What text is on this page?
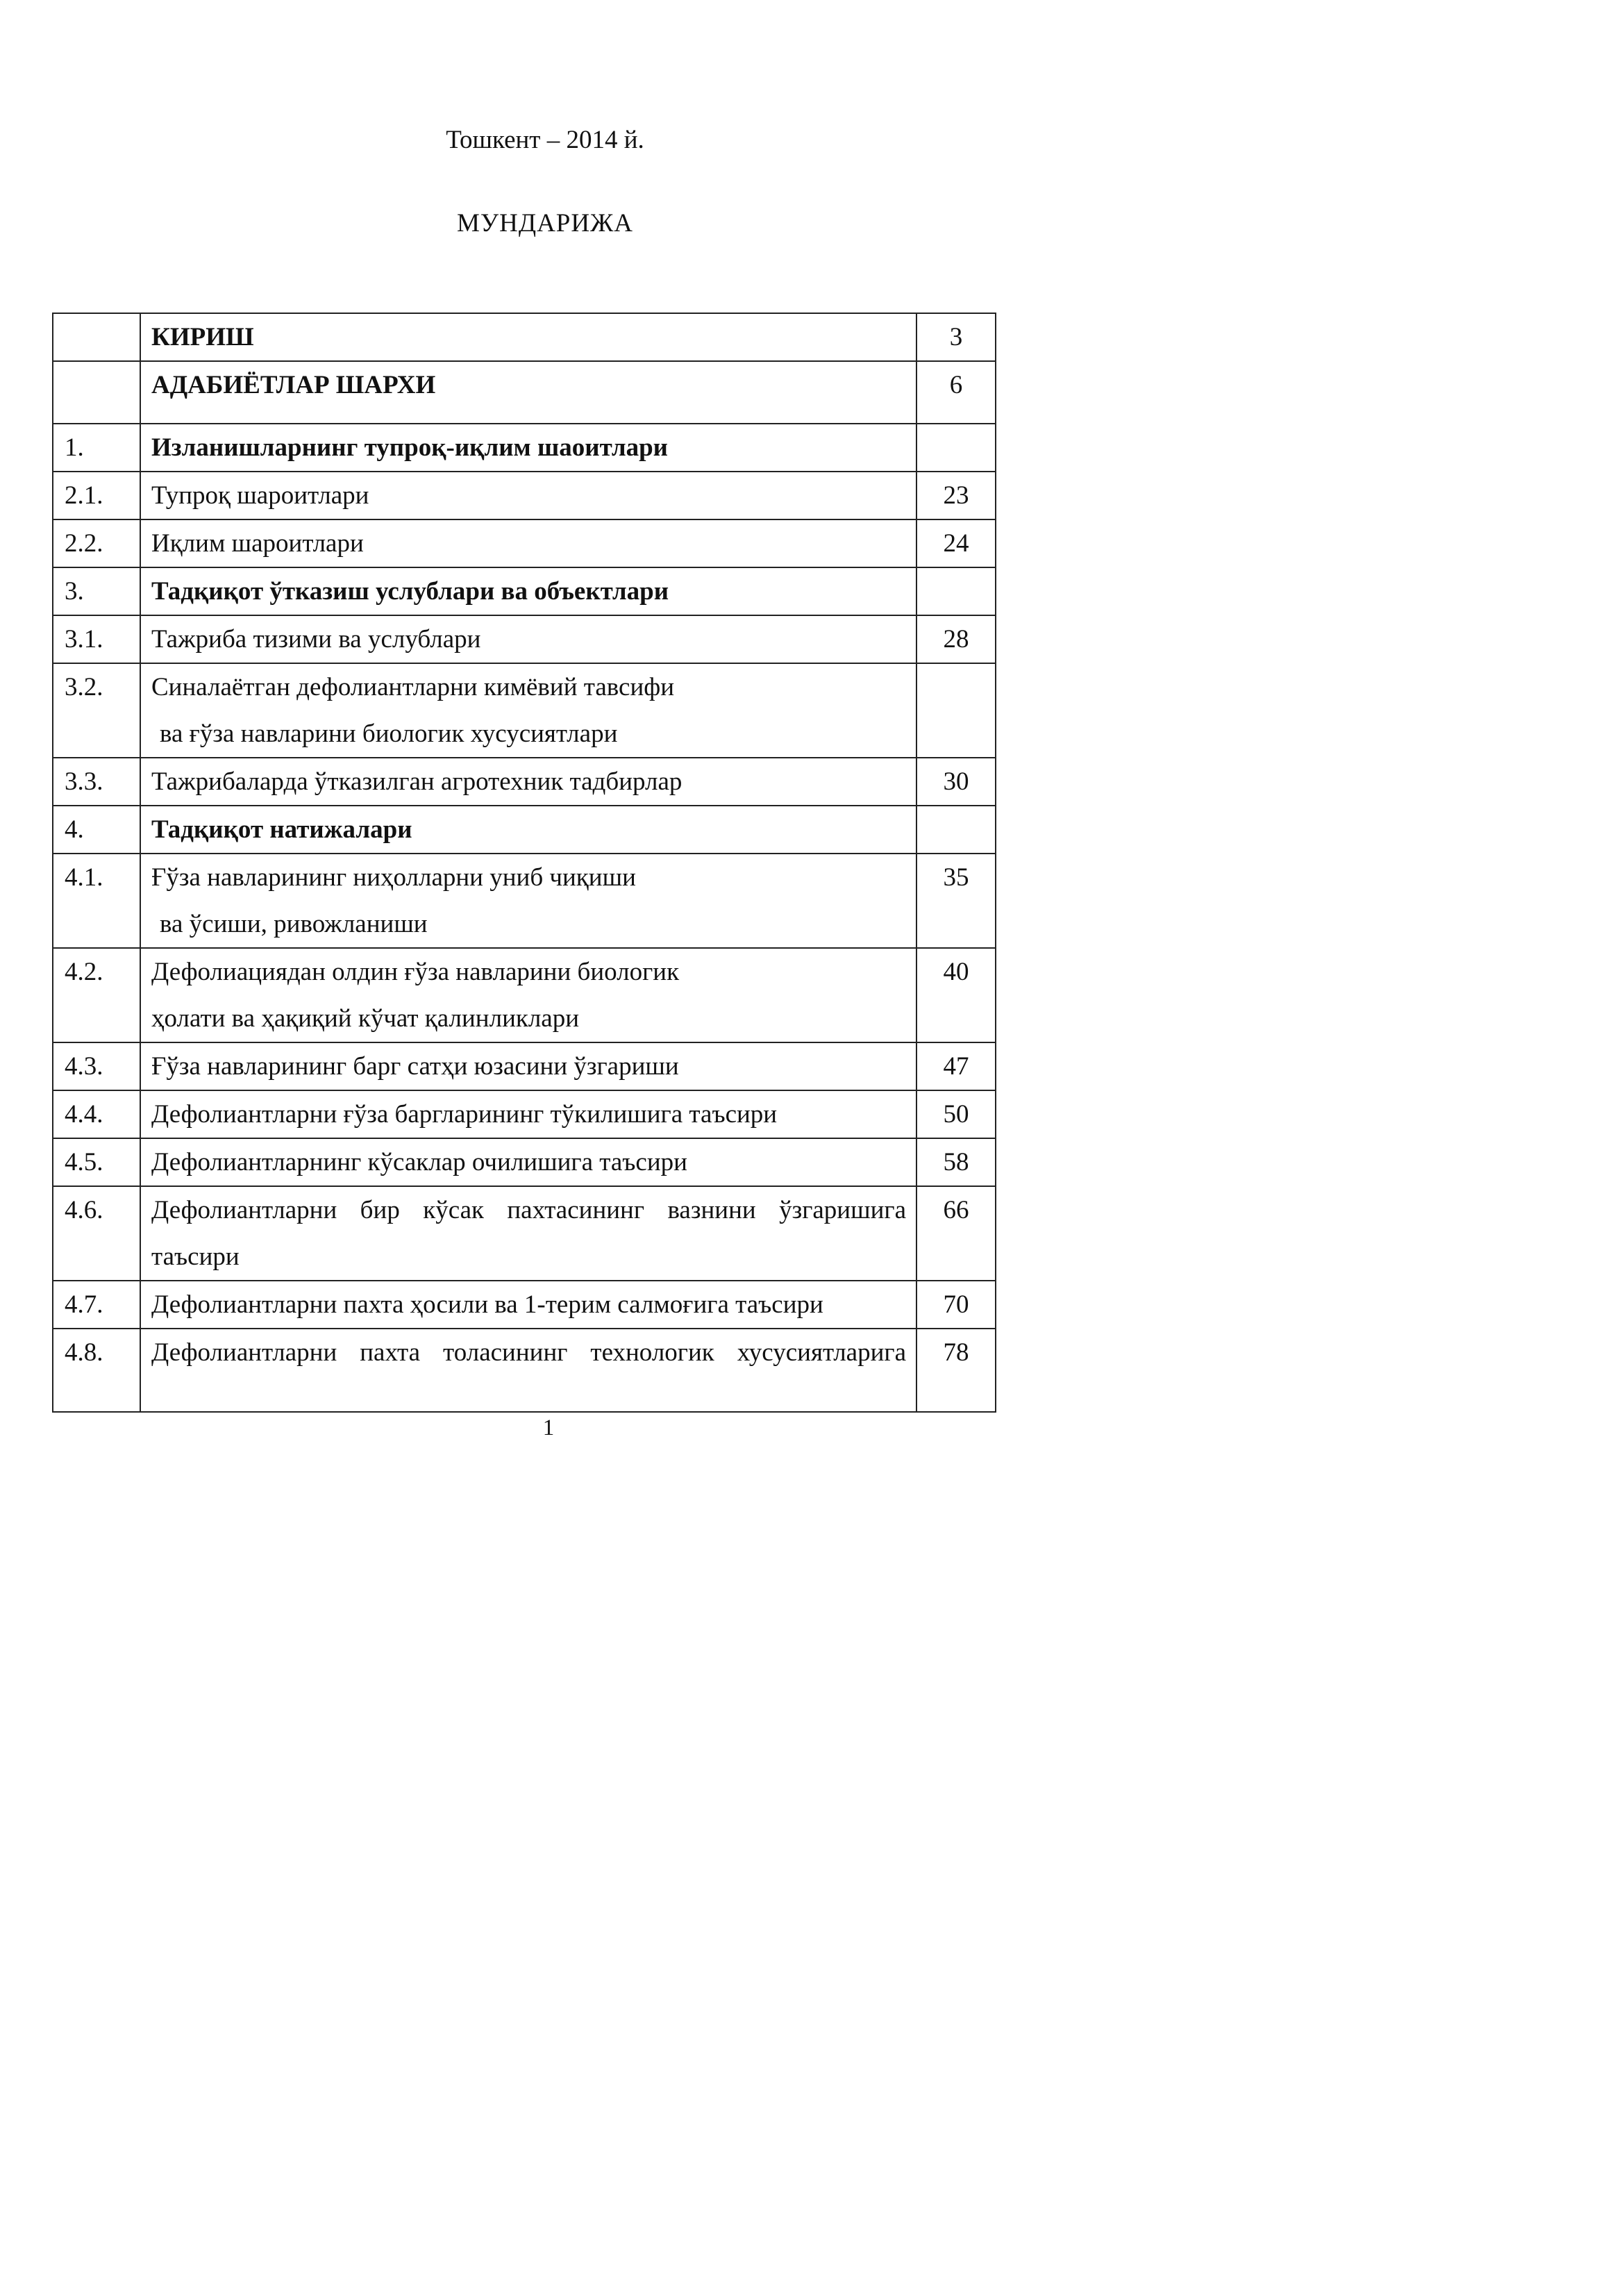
Тошкент – 2014 й.
МУНДАРИЖА

	КИРИШ	3

	АДАБИЁТЛАР ШАРХИ	6
1.	Изланишларнинг тупроқ-иқлим шаоитлари	

2.1.	Тупроқ шароитлари	23
2.2.	Иқлим шароитлари	24
3.	Тадқиқот ўтказиш услублари ва объектлари	

3.1.	Тажриба тизими ва услублари	28
3.2.	Синалаётган дефолиантларни кимёвий тавсифи
ва ғўза навларини биологик хусусиятлари	

3.3.	Тажрибаларда ўтказилган агротехник тадбирлар	30
4.	Тадқиқот натижалари	

4.1.	Ғўза навларининг ниҳолларни униб чиқиши
ва ўсиши, ривожланиши	35
4.2.	Дефолиациядан олдин ғўза навларини биологик
ҳолати ва ҳақиқий кўчат қалинликлари	40
4.3.	Ғўза навларининг барг сатҳи юзасини ўзгариши	47
4.4.	Дефолиантларни ғўза баргларининг тўкилишига таъсири	50
4.5.	Дефолиантларнинг кўсаклар очилишига таъсири	58
4.6.	Дефолиантларни бир кўсак пахтасининг вазнини ўзгаришига
таъсири	66
4.7.	Дефолиантларни пахта ҳосили ва 1-терим салмоғига таъсири	70
4.8.	Дефолиантларни пахта толасининг технологик хусусиятларига	78
1
